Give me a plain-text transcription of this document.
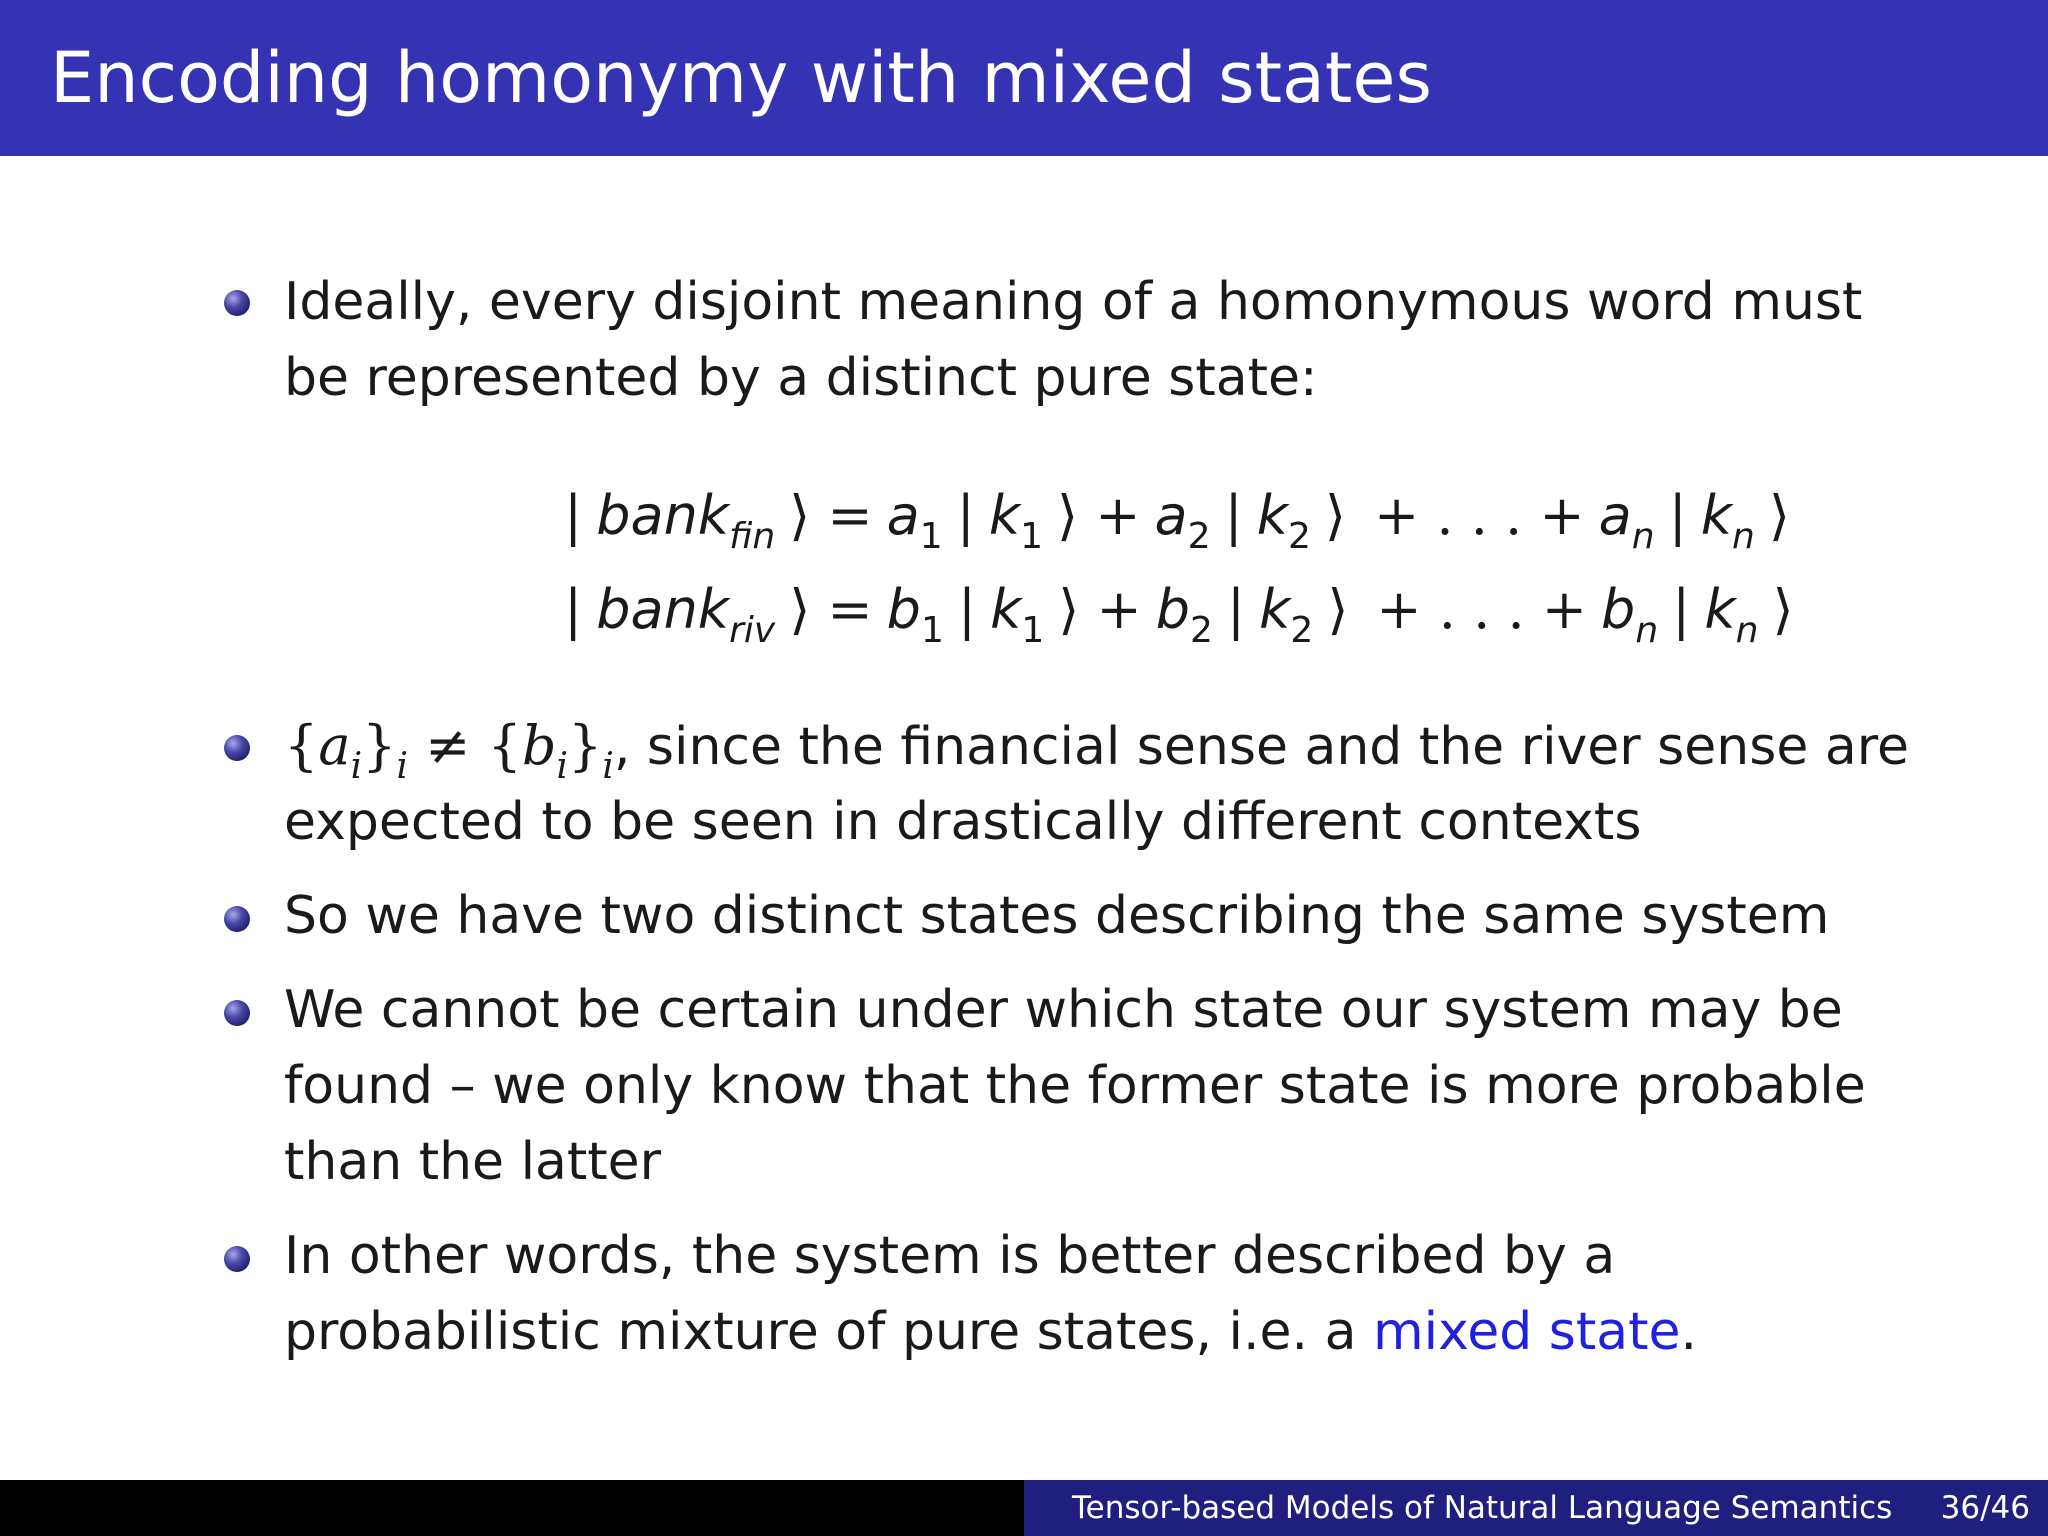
Encoding homonymy with mixed states
Ideally, every disjoint meaning of a homonymous word must
be represented by a distinct pure state:
| bank$_{fin}$ ⟩ = $a_1$ | $k_1$ ⟩ + $a_2$ | $k_2$ ⟩ + . . . + $a_n$ | $k_n$ ⟩
| bank$_{riv}$ ⟩ = $b_1$ | $k_1$ ⟩ + $b_2$ | $k_2$ ⟩ + . . . + $b_n$ | $k_n$ ⟩
$\{a_i\}_i \ne \{b_i\}_i$, since the financial sense and the river sense are
expected to be seen in drastically different contexts
So we have two distinct states describing the same system
We cannot be certain under which state our system may be
found – we only know that the former state is more probable
than the latter
In other words, the system is better described by a
probabilistic mixture of pure states, i.e. a mixed state.
Tensor-based Models of Natural Language Semantics 36/46
